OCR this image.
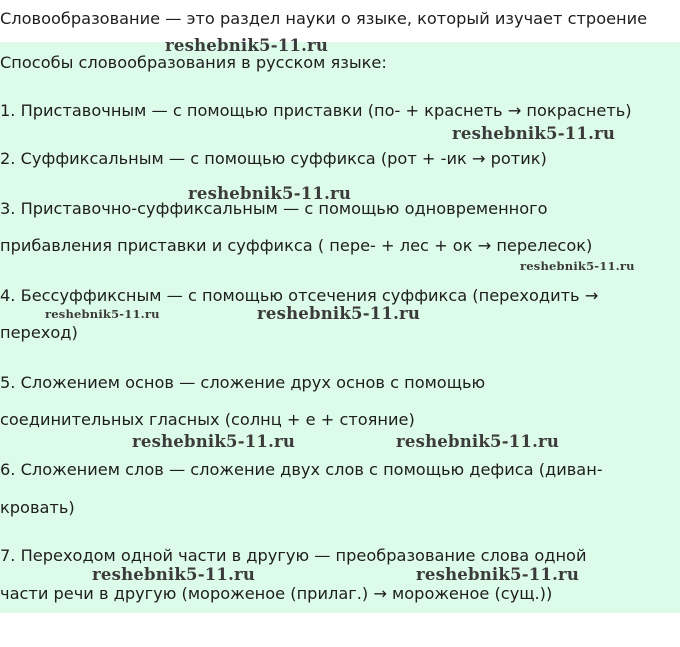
Словообразование — это раздел науки о языке, который изучает строение

Способы словообразования в русском языке:

1. Приставочным — с помощью приставки (по- + краснеть → покраснеть)

2. Суффиксальным — с помощью суффикса (рот + -ик → ротик)

3. Приставочно-суффиксальным — с помощью одновременного

прибавления приставки и суффикса ( пере- + лес + ок → перелесок)

4. Бессуффиксным — с помощью отсечения суффикса (переходить →

переход)

5. Сложением основ — сложение друх основ с помощью

соединительных гласных (солнц + е + стояние)

6. Сложением слов — сложение двух слов с помощью дефиса (диван-

кровать)

7. Переходом одной части в другую — преобразование слова одной

части речи в другую (мороженое (прилаг.) → мороженое (сущ.))

reshebnik5-11.ru
reshebnik5-11.ru
reshebnik5-11.ru
reshebnik5-11.ru
reshebnik5-11.ru	reshebnik5-11.ru
reshebnik5-11.ru	reshebnik5-11.ru
reshebnik5-11.ru	reshebnik5-11.ru
